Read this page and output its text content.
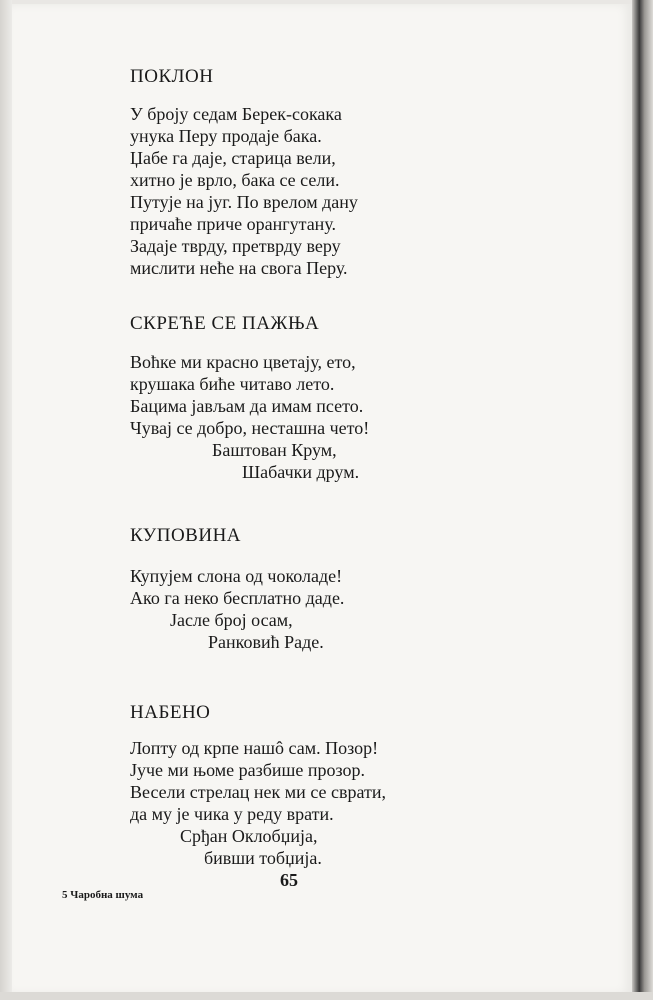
ПОКЛОН
У броју седам Берек-сокака
унука Перу продаје бака.
Џабе га даје, старица вели,
хитно је врло, бака се сели.
Путује на југ. По врелом дану
причаће приче орангутану.
Задаје тврду, претврду веру
мислити неће на свога Перу.
СКРЕЋЕ СЕ ПАЖЊА
Воћке ми красно цветају, ето,
крушака биће читаво лето.
Бацима јављам да имам псето.
Чувај се добро, несташна чето!
Баштован Крум,
Шабачки друм.
КУПОВИНА
Купујем слона од чоколаде!
Ако га неко бесплатно даде.
Јасле број осам,
Ранковић Раде.
НАБЕНО
Лопту од крпе нашô сам. Позор!
Јуче ми њоме разбише прозор.
Весели стрелац нек ми се сврати,
да му је чика у реду врати.
Срђан Оклобџија,
бивши тобџија.
65
5 Чаробна шума
